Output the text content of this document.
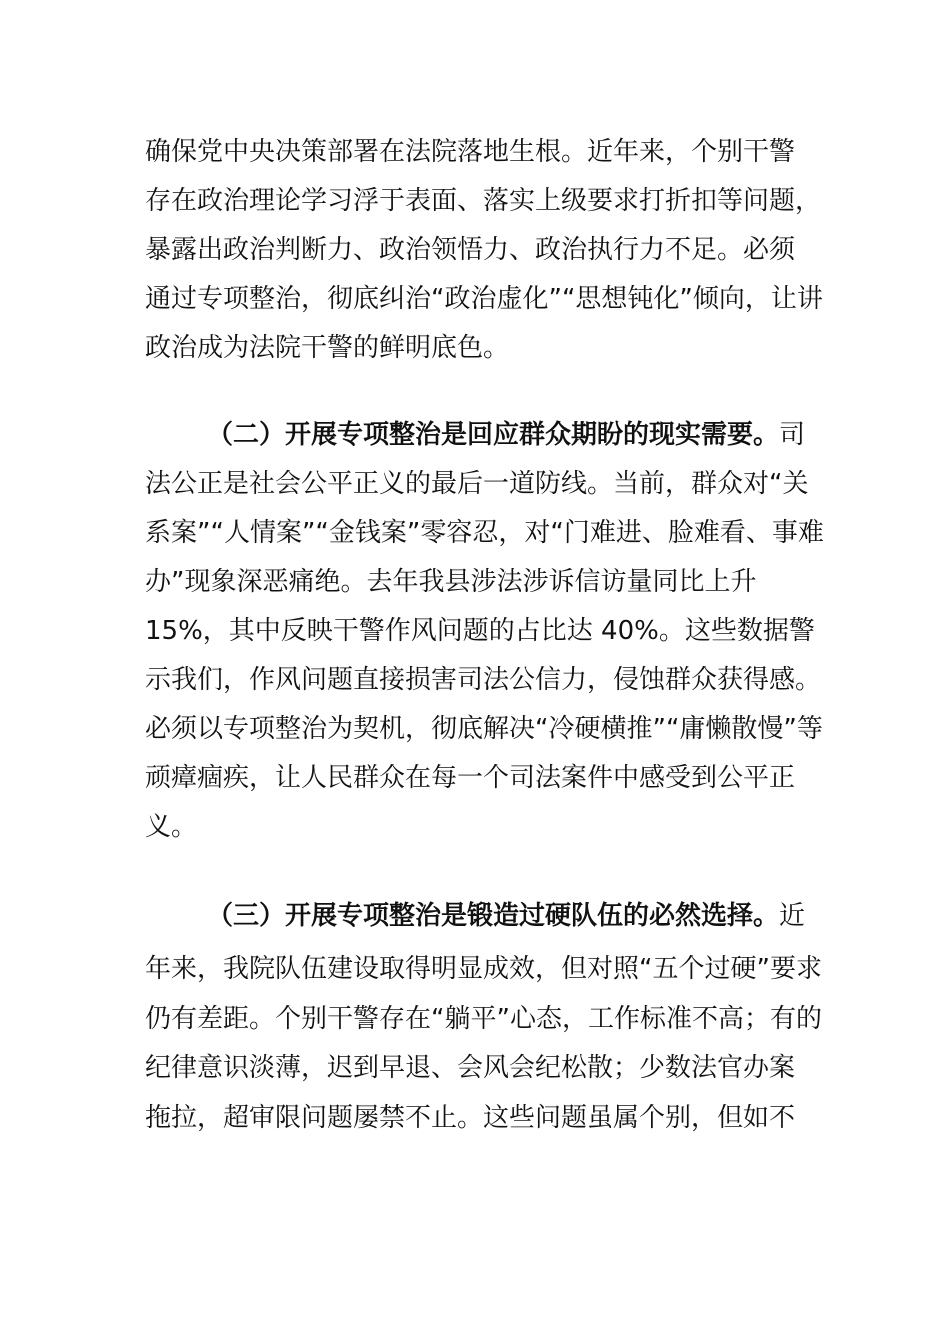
确保党中央决策部署在法院落地生根。近年来，个别干警
存在政治理论学习浮于表面、落实上级要求打折扣等问题，
暴露出政治判断力、政治领悟力、政治执行力不足。必须
通过专项整治，彻底纠治“政治虚化”“思想钝化”倾向，让讲
政治成为法院干警的鲜明底色。
（二）开展专项整治是回应群众期盼的现实需要。司
法公正是社会公平正义的最后一道防线。当前，群众对“关
系案”“人情案”“金钱案”零容忍，对“门难进、脸难看、事难
办”现象深恶痛绝。去年我县涉法涉诉信访量同比上升
15%，其中反映干警作风问题的占比达 40%。这些数据警
示我们，作风问题直接损害司法公信力，侵蚀群众获得感。
必须以专项整治为契机，彻底解决“冷硬横推”“庸懒散慢”等
顽瘴痼疾，让人民群众在每一个司法案件中感受到公平正
义。
（三）开展专项整治是锻造过硬队伍的必然选择。近
年来，我院队伍建设取得明显成效，但对照“五个过硬”要求
仍有差距。个别干警存在“躺平”心态，工作标准不高；有的
纪律意识淡薄，迟到早退、会风会纪松散；少数法官办案
拖拉，超审限问题屡禁不止。这些问题虽属个别，但如不
